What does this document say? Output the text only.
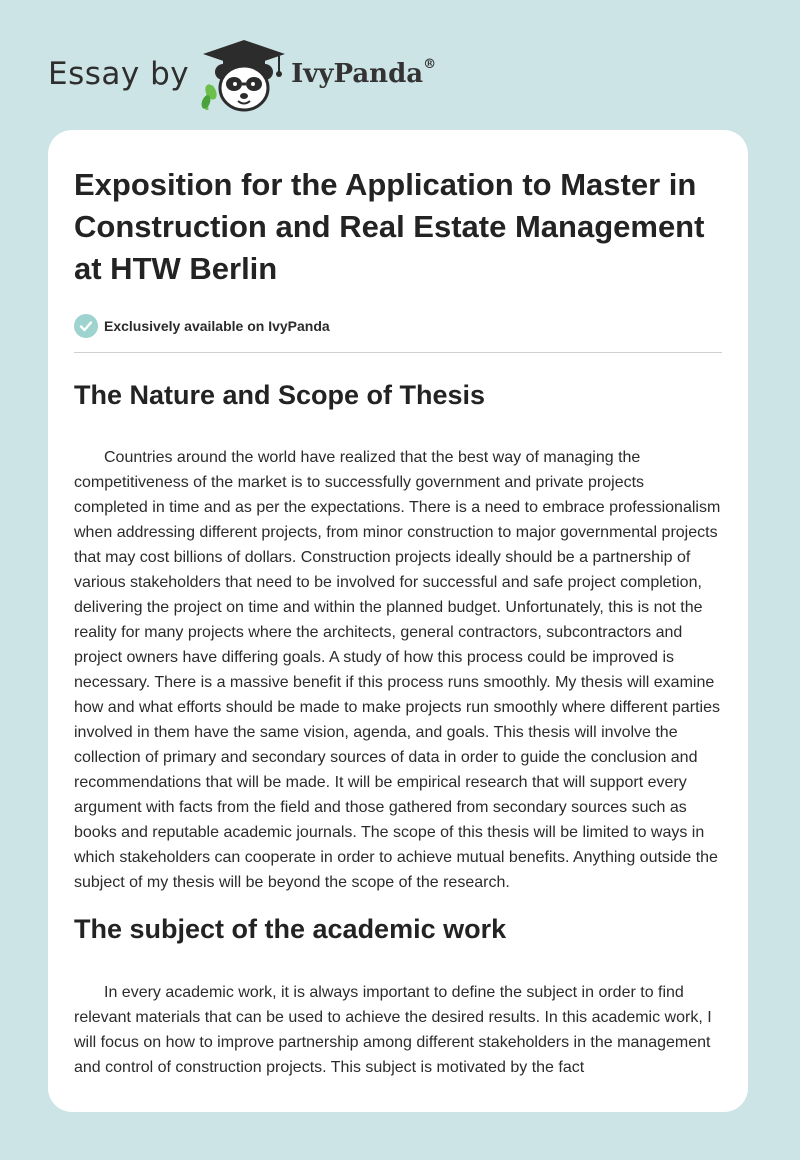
Essay by	IvyPanda®
Exposition for the Application to Master in Construction and Real Estate Management at HTW Berlin
Exclusively available on IvyPanda
The Nature and Scope of Thesis

Countries around the world have realized that the best way of managing the competitiveness of the market is to successfully government and private projects completed in time and as per the expectations. There is a need to embrace professionalism when addressing different projects, from minor construction to major governmental projects that may cost billions of dollars. Construction projects ideally should be a partnership of various stakeholders that need to be involved for successful and safe project completion, delivering the project on time and within the planned budget. Unfortunately, this is not the reality for many projects where the architects, general contractors, subcontractors and project owners have differing goals. A study of how this process could be improved is necessary. There is a massive benefit if this process runs smoothly. My thesis will examine how and what efforts should be made to make projects run smoothly where different parties involved in them have the same vision, agenda, and goals. This thesis will involve the collection of primary and secondary sources of data in order to guide the conclusion and recommendations that will be made. It will be empirical research that will support every argument with facts from the field and those gathered from secondary sources such as books and reputable academic journals. The scope of this thesis will be limited to ways in which stakeholders can cooperate in order to achieve mutual benefits. Anything outside the subject of my thesis will be beyond the scope of the research.

The subject of the academic work

In every academic work, it is always important to define the subject in order to find relevant materials that can be used to achieve the desired results. In this academic work, I will focus on how to improve partnership among different stakeholders in the management and control of construction projects. This subject is motivated by the fact
